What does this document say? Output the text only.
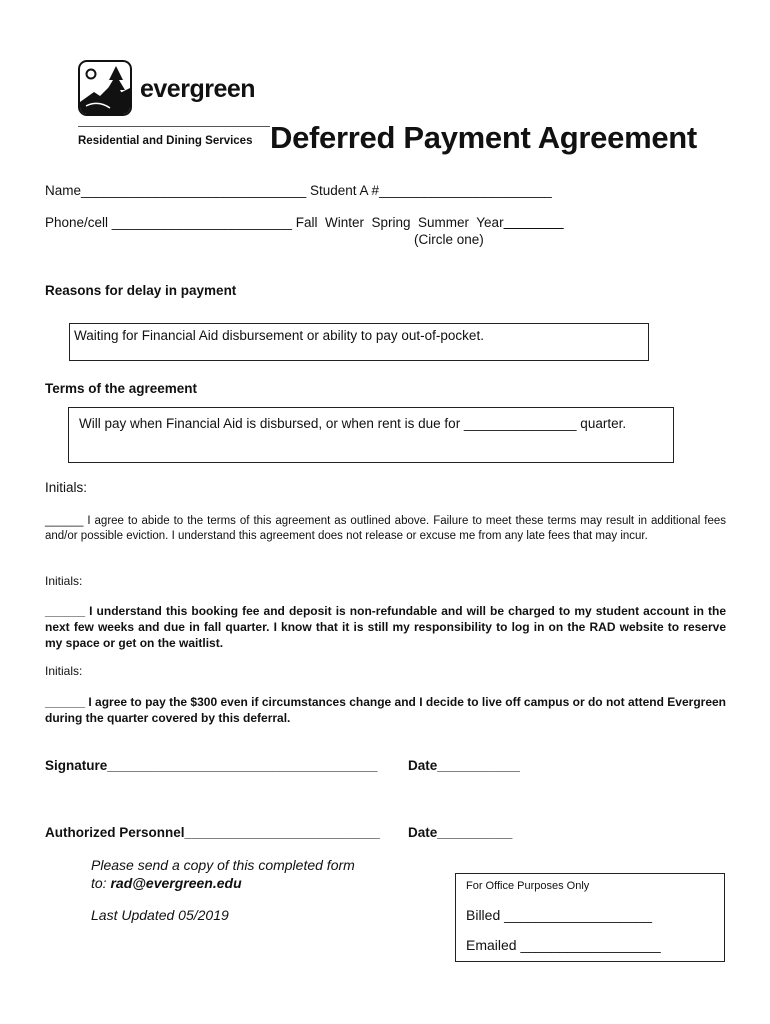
evergreen
Residential and Dining Services Deferred Payment Agreement
Name______________________________ Student A #_______________________
Phone/cell ________________________ Fall  Winter  Spring  Summer  Year________
(Circle one)
Reasons for delay in payment
Waiting for Financial Aid disbursement or ability to pay out-of-pocket.
Terms of the agreement
Will pay when Financial Aid is disbursed, or when rent is due for _______________ quarter.
Initials:
______ I agree to abide to the terms of this agreement as outlined above. Failure to meet these terms may result in additional fees and/or possible eviction. I understand this agreement does not release or excuse me from any late fees that may incur.
Initials:
______ I understand this booking fee and deposit is non-refundable and will be charged to my student account in the next few weeks and due in fall quarter. I know that it is still my responsibility to log in on the RAD website to reserve my space or get on the waitlist.
Initials:
______ I agree to pay the $300 even if circumstances change and I decide to live off campus or do not attend Evergreen during the quarter covered by this deferral.
Signature____________________________________ Date___________
Authorized Personnel__________________________ Date__________
Please send a copy of this completed form
to: rad@evergreen.edu
Last Updated 05/2019
For Office Purposes Only
Billed ___________________
Emailed __________________
